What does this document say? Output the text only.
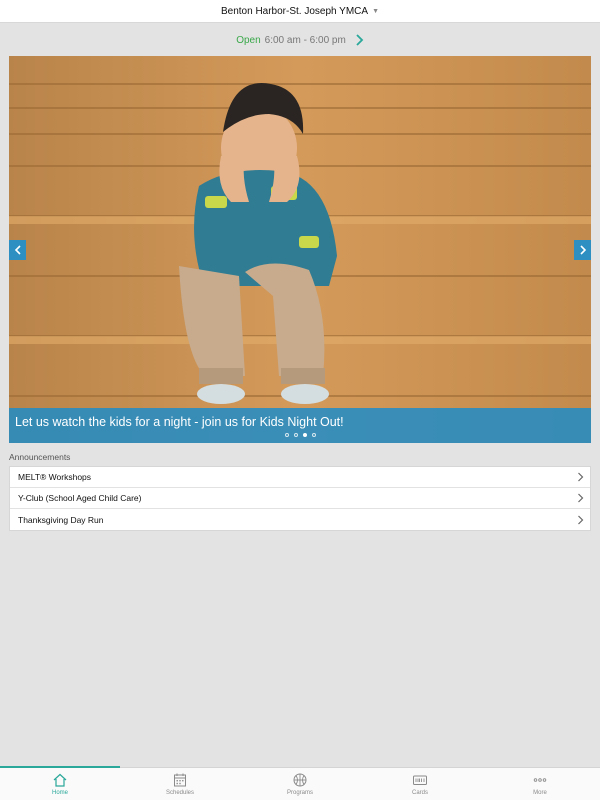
Benton Harbor-St. Joseph YMCA ▼
Open 6:00 am - 6:00 pm
Let us watch the kids for a night - join us for Kids Night Out!
Announcements
MELT® Workshops
Y-Club (School Aged Child Care)
Thanksgiving Day Run
Home	Schedules	Programs	Cards	More
